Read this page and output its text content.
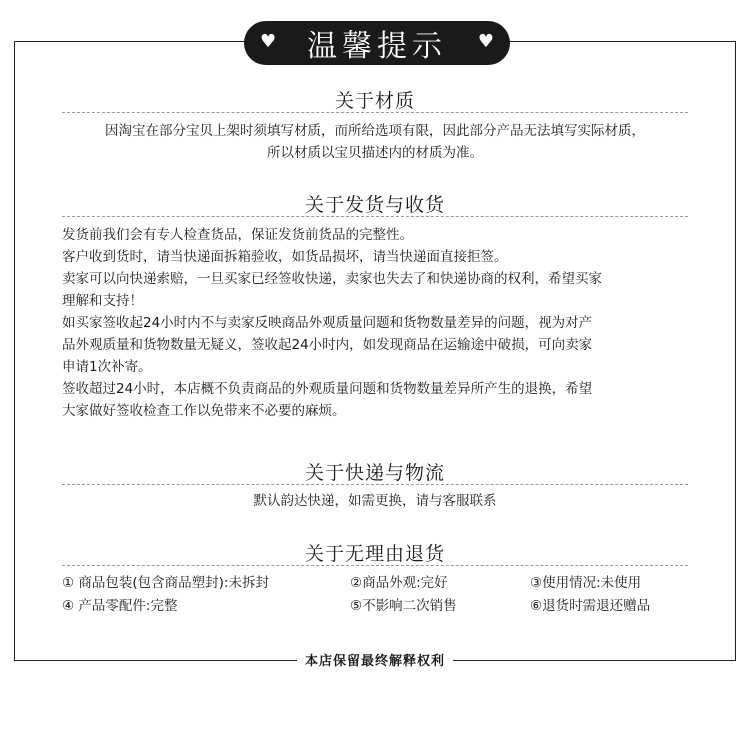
♥ 温馨提示 ♥
关于材质

因淘宝在部分宝贝上架时须填写材质，而所给选项有限，因此部分产品无法填写实际材质，

所以材质以宝贝描述内的材质为准。

关于发货与收货

发货前我们会有专人检查货品，保证发货前货品的完整性。

客户收到货时，请当快递面拆箱验收，如货品损坏，请当快递面直接拒签。

卖家可以向快递索赔，一旦买家已经签收快递，卖家也失去了和快递协商的权利，希望买家

理解和支持！

如买家签收起24小时内不与卖家反映商品外观质量问题和货物数量差异的问题，视为对产

品外观质量和货物数量无疑义，签收起24小时内，如发现商品在运输途中破损，可向卖家

申请1次补寄。

签收超过24小时，本店概不负责商品的外观质量问题和货物数量差异所产生的退换，希望

大家做好签收检查工作以免带来不必要的麻烦。

关于快递与物流
默认韵达快递，如需更换，请与客服联系
关于无理由退货
① 商品包装(包含商品塑封):未拆封	②商品外观:完好	③使用情况:未使用
④ 产品零配件:完整	⑤不影响二次销售	⑥退货时需退还赠品
本店保留最终解释权利
